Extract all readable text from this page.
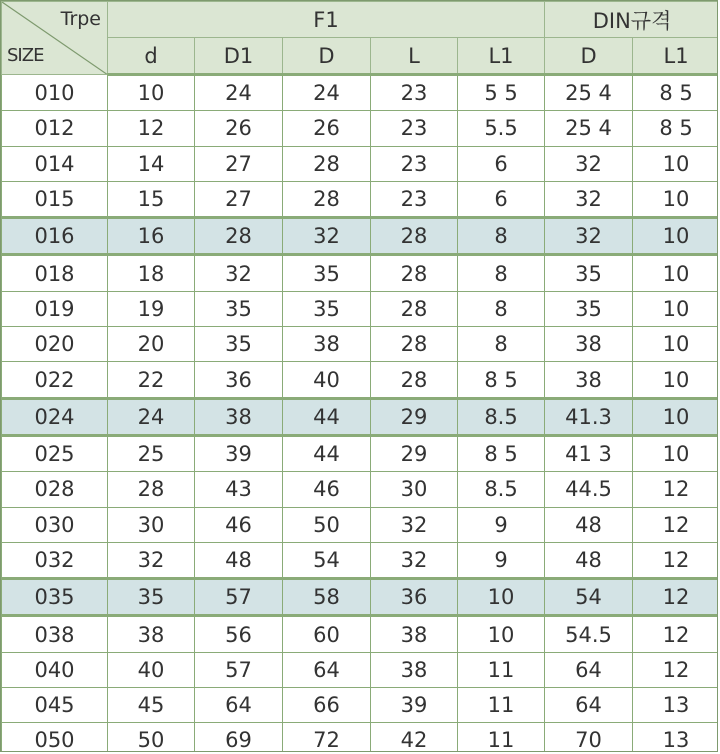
Trpe
SIZE	F1					DIN규격	
	d	D1	D	L	L1	D	L1
010	10	24	24	23	5 5	25 4	8 5
012	12	26	26	23	5.5	25 4	8 5
014	14	27	28	23	6	32	10
015	15	27	28	23	6	32	10
016	16	28	32	28	8	32	10
018	18	32	35	28	8	35	10
019	19	35	35	28	8	35	10
020	20	35	38	28	8	38	10
022	22	36	40	28	8 5	38	10
024	24	38	44	29	8.5	41.3	10
025	25	39	44	29	8 5	41 3	10
028	28	43	46	30	8.5	44.5	12
030	30	46	50	32	9	48	12
032	32	48	54	32	9	48	12
035	35	57	58	36	10	54	12
038	38	56	60	38	10	54.5	12
040	40	57	64	38	11	64	12
045	45	64	66	39	11	64	13
050	50	69	72	42	11	70	13
